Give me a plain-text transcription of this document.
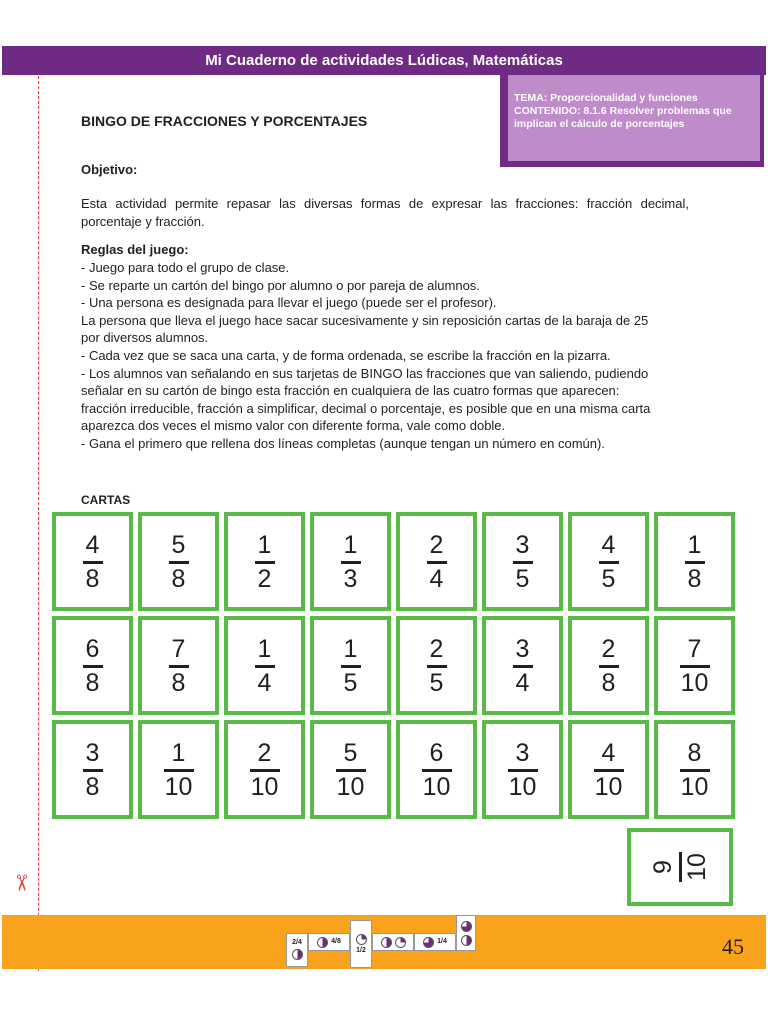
Mi Cuaderno de actividades Lúdicas, Matemáticas
✂
TEMA: Proporcionalidad y funciones
CONTENIDO: 8.1.6 Resolver problemas que
implican el cálculo de porcentajes
BINGO DE FRACCIONES Y PORCENTAJES
Objetivo:
Esta actividad permite repasar las diversas formas de expresar las fracciones: fracción decimal, porcentaje y fracción.
Reglas del juego:
- Juego para todo el grupo de clase.
- Se reparte un cartón del bingo por alumno o por pareja de alumnos.
- Una persona es designada para llevar el juego (puede ser el profesor).
La persona que lleva el juego hace sacar sucesivamente y sin reposición cartas de la baraja de 25
por diversos alumnos.
- Cada vez que se saca una carta, y de forma ordenada, se escribe la fracción en la pizarra.
- Los alumnos van señalando en sus tarjetas de BINGO las fracciones que van saliendo, pudiendo
señalar en su cartón de bingo esta fracción en cualquiera de las cuatro formas que aparecen:
fracción irreducible, fracción a simplificar, decimal o porcentaje, es posible que en una misma carta
aparezca dos veces el mismo valor con diferente forma, vale como doble.
- Gana el primero que rellena dos líneas completas (aunque tengan un número en común).
CARTAS
4
8
5
8
1
2
1
3
2
4
3
5
4
5
1
8
6
8
7
8
1
4
1
5
2
5
3
4
2
8
7
10
3
8
1
10
2
10
5
10
6
10
3
10
4
10
8
10
9 10
2/4	4/8
1/2
1/4	45
